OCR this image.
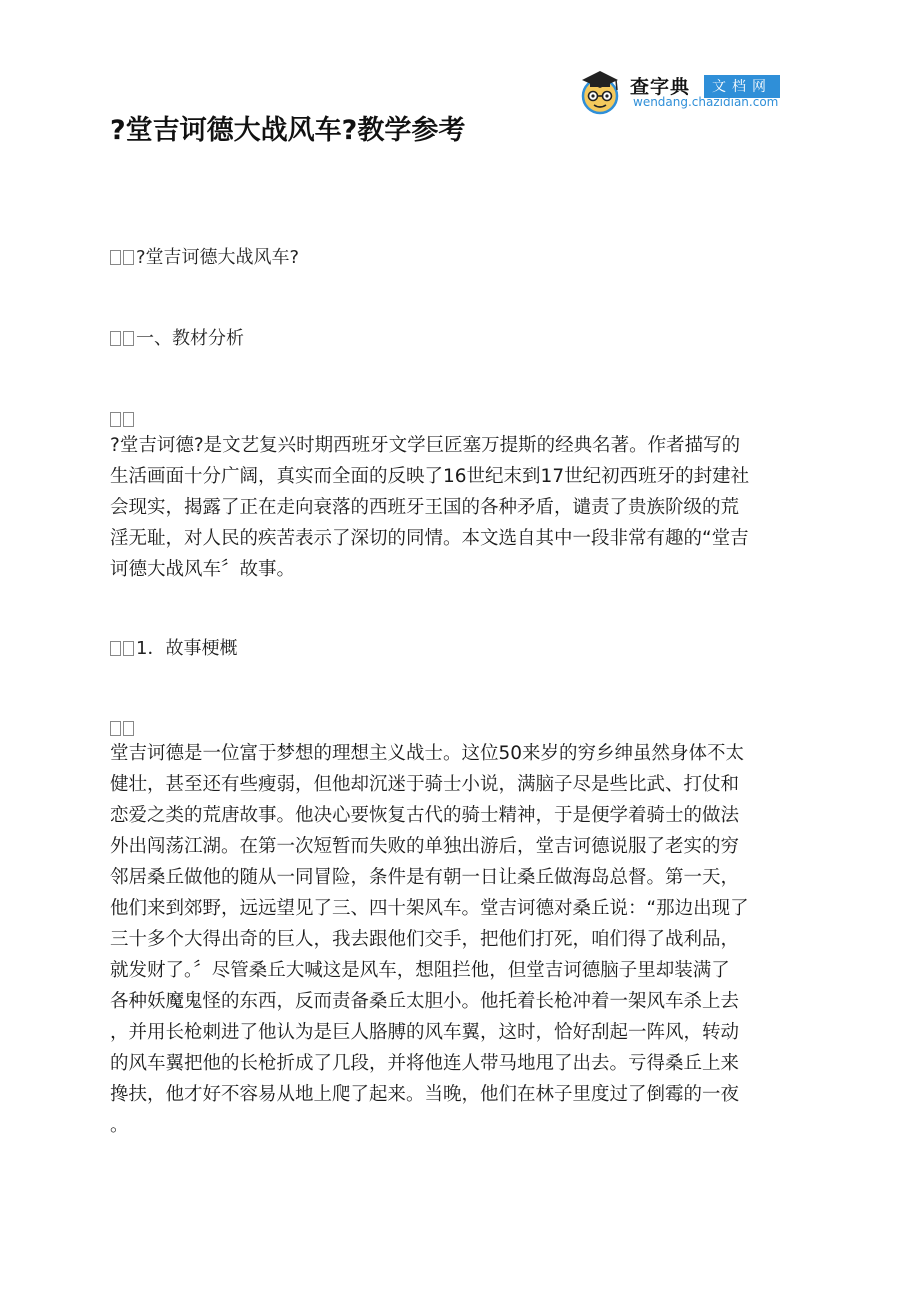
查字典	文档网
wendang.chazidian.com
?堂吉诃德大战风车?教学参考
?堂吉诃德大战风车?
一、教材分析
?堂吉诃德?是文艺复兴时期西班牙文学巨匠塞万提斯的经典名著。作者描写的
生活画面十分广阔，真实而全面的反映了16世纪末到17世纪初西班牙的封建社
会现实，揭露了正在走向衰落的西班牙王国的各种矛盾，谴责了贵族阶级的荒
淫无耻，对人民的疾苦表示了深切的同情。本文选自其中一段非常有趣的“堂吉
诃德大战风车〞故事。
1．故事梗概
堂吉诃德是一位富于梦想的理想主义战士。这位50来岁的穷乡绅虽然身体不太
健壮，甚至还有些瘦弱，但他却沉迷于骑士小说，满脑子尽是些比武、打仗和
恋爱之类的荒唐故事。他决心要恢复古代的骑士精神，于是便学着骑士的做法
外出闯荡江湖。在第一次短暂而失败的单独出游后，堂吉诃德说服了老实的穷
邻居桑丘做他的随从一同冒险，条件是有朝一日让桑丘做海岛总督。第一天，
他们来到郊野，远远望见了三、四十架风车。堂吉诃德对桑丘说：“那边出现了
三十多个大得出奇的巨人，我去跟他们交手，把他们打死，咱们得了战利品，
就发财了。〞尽管桑丘大喊这是风车，想阻拦他，但堂吉诃德脑子里却装满了
各种妖魔鬼怪的东西，反而责备桑丘太胆小。他托着长枪冲着一架风车杀上去
，并用长枪刺进了他认为是巨人胳膊的风车翼，这时，恰好刮起一阵风，转动
的风车翼把他的长枪折成了几段，并将他连人带马地甩了出去。亏得桑丘上来
搀扶，他才好不容易从地上爬了起来。当晚，他们在林子里度过了倒霉的一夜
。
